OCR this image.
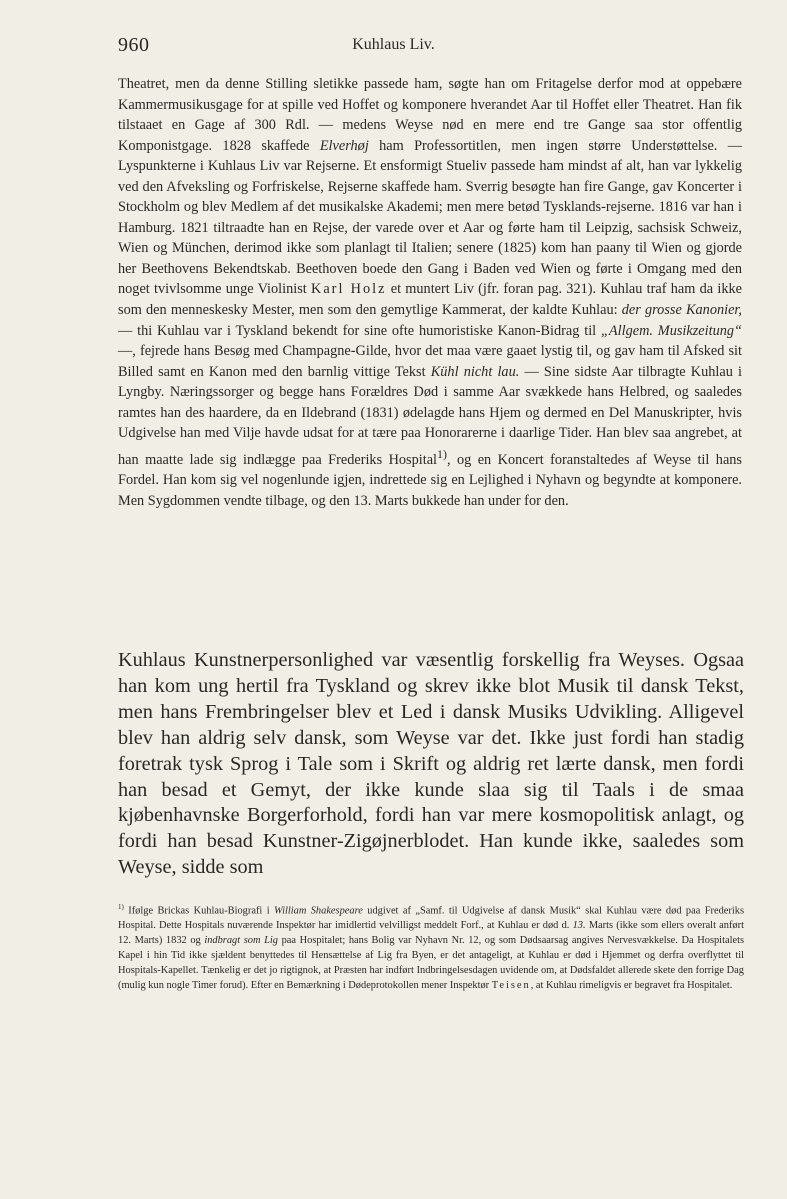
960	Kuhlaus Liv.

Theatret, men da denne Stilling sletikke passede ham, søgte han om Fritagelse derfor mod at oppebære Kammermusikusgage for at spille ved Hoffet og komponere hverandet Aar til Hoffet eller Theatret. Han fik tilstaaet en Gage af 300 Rdl. — medens Weyse nød en mere end tre Gange saa stor offentlig Komponistgage. 1828 skaffede Elverhøj ham Professortitlen, men ingen større Understøttelse. — Lyspunkterne i Kuhlaus Liv var Rejserne. Et ensformigt Stueliv passede ham mindst af alt, han var lykkelig ved den Afveksling og Forfriskelse, Rejserne skaffede ham. Sverrig besøgte han fire Gange, gav Koncerter i Stockholm og blev Medlem af det musikalske Akademi; men mere betød Tysklands-rejserne. 1816 var han i Hamburg. 1821 tiltraadte han en Rejse, der varede over et Aar og førte ham til Leipzig, sachsisk Schweiz, Wien og München, derimod ikke som planlagt til Italien; senere (1825) kom han paany til Wien og gjorde her Beethovens Bekendtskab. Beethoven boede den Gang i Baden ved Wien og førte i Omgang med den noget tvivlsomme unge Violinist Karl Holz et muntert Liv (jfr. foran pag. 321). Kuhlau traf ham da ikke som den menneskesky Mester, men som den gemytlige Kammerat, der kaldte Kuhlau: der grosse Kanonier, — thi Kuhlau var i Tyskland bekendt for sine ofte humoristiske Kanon-Bidrag til „Allgem. Musikzeitung“ —, fejrede hans Besøg med Champagne-Gilde, hvor det maa være gaaet lystig til, og gav ham til Afsked sit Billed samt en Kanon med den barnlig vittige Tekst Kühl nicht lau. — Sine sidste Aar tilbragte Kuhlau i Lyngby. Næringssorger og begge hans Forældres Død i samme Aar svækkede hans Helbred, og saaledes ramtes han des haardere, da en Ildebrand (1831) ødelagde hans Hjem og dermed en Del Manuskripter, hvis Udgivelse han med Vilje havde udsat for at tære paa Honorarerne i daarlige Tider. Han blev saa angrebet, at han maatte lade sig indlægge paa Frederiks Hospital$^{1)}$, og en Koncert foranstaltedes af Weyse til hans Fordel. Han kom sig vel nogenlunde igjen, indrettede sig en Lejlighed i Nyhavn og begyndte at komponere. Men Sygdommen vendte tilbage, og den 13. Marts bukkede han under for den.

Kuhlaus Kunstnerpersonlighed var væsentlig forskellig fra Weyses. Ogsaa han kom ung hertil fra Tyskland og skrev ikke blot Musik til dansk Tekst, men hans Frembringelser blev et Led i dansk Musiks Udvikling. Alligevel blev han aldrig selv dansk, som Weyse var det. Ikke just fordi han stadig foretrak tysk Sprog i Tale som i Skrift og aldrig ret lærte dansk, men fordi han besad et Gemyt, der ikke kunde slaa sig til Taals i de smaa kjøbenhavnske Borgerforhold, fordi han var mere kosmopolitisk anlagt, og fordi han besad Kunstner-Zigøjnerblodet. Han kunde ikke, saaledes som Weyse, sidde som

$^{1)}$ Ifølge Brickas Kuhlau-Biografi i William Shakespeare udgivet af „Samf. til Udgivelse af dansk Musik“ skal Kuhlau være død paa Frederiks Hospital. Dette Hospitals nuværende Inspektør har imidlertid velvilligst meddelt Forf., at Kuhlau er død d. 13. Marts (ikke som ellers overalt anført 12. Marts) 1832 og indbragt som Lig paa Hospitalet; hans Bolig var Nyhavn Nr. 12, og som Dødsaarsag angives Nervesvækkelse. Da Hospitalets Kapel i hin Tid ikke sjældent benyttedes til Hensættelse af Lig fra Byen, er det antageligt, at Kuhlau er død i Hjemmet og derfra overflyttet til Hospitals-Kapellet. Tænkelig er det jo rigtignok, at Præsten har indført Indbringelsesdagen uvidende om, at Dødsfaldet allerede skete den forrige Dag (mulig kun nogle Timer forud). Efter en Bemærkning i Dødeprotokollen mener Inspektør Teisen, at Kuhlau rimeligvis er begravet fra Hospitalet.
